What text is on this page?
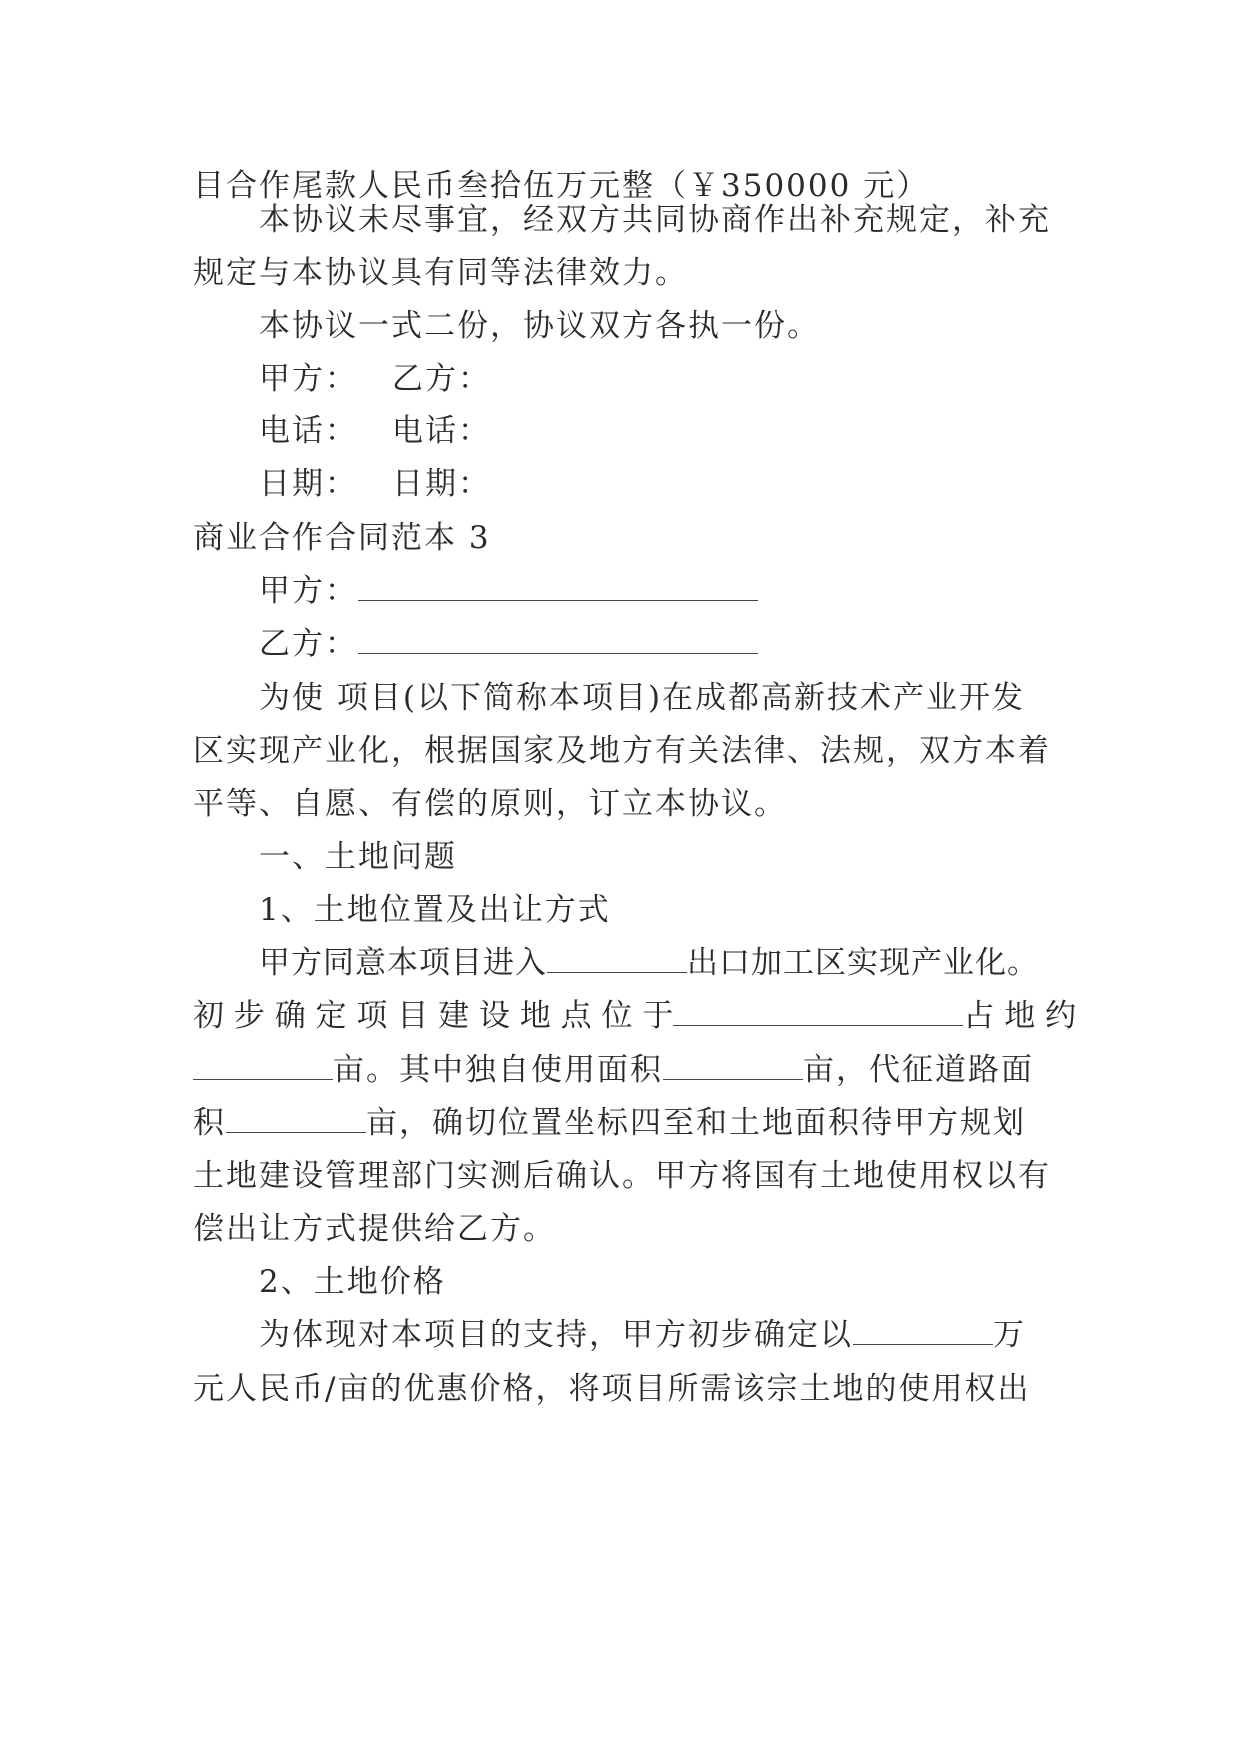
目合作尾款人民币叁拾伍万元整（￥350000 元）
本协议未尽事宜，经双方共同协商作出补充规定，补充
规定与本协议具有同等法律效力。
本协议一式二份，协议双方各执一份。
甲方： 乙方：
电话： 电话：
日期： 日期：
商业合作合同范本 3
甲方：
乙方：
为使 项目(以下简称本项目)在成都高新技术产业开发
区实现产业化，根据国家及地方有关法律、法规，双方本着
平等、自愿、有偿的原则，订立本协议。
一、土地问题
1、土地位置及出让方式
甲方同意本项目进入	出口加工区实现产业化。
初 步 确 定 项 目 建 设 地 点 位 于	占 地 约
亩。其中独自使用面积	亩，代征道路面
积	亩，确切位置坐标四至和土地面积待甲方规划
土地建设管理部门实测后确认。甲方将国有土地使用权以有
偿出让方式提供给乙方。
2、土地价格
为体现对本项目的支持，甲方初步确定以	万
元人民币/亩的优惠价格，将项目所需该宗土地的使用权出
